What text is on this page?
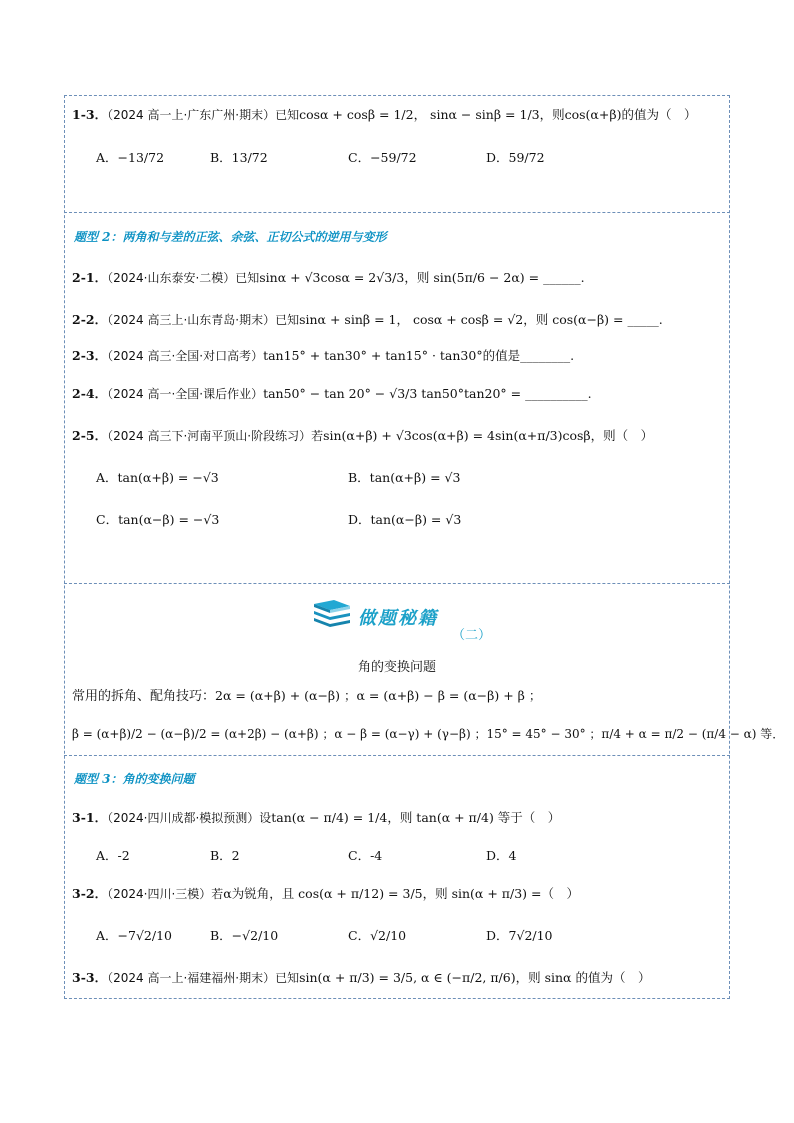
1-3．（2024 高一上·广东广州·期末）已知cosα + cosβ = 1/2， sinα − sinβ = 1/3，则cos(α+β)的值为（　）
A．−13/72	B．13/72	C．−59/72	D．59/72
题型 2：两角和与差的正弦、余弦、正切公式的逆用与变形
2-1．（2024·山东泰安·二模）已知sinα + √3cosα = 2√3/3，则 sin(5π/6 − 2α) = ______.
2-2．（2024 高三上·山东青岛·期末）已知sinα + sinβ = 1， cosα + cosβ = √2，则 cos(α−β) = _____.
2-3．（2024 高三·全国·对口高考）tan15° + tan30° + tan15° · tan30°的值是________.
2-4．（2024 高一·全国·课后作业）tan50° − tan 20° − √3/3 tan50°tan20° = __________.
2-5．（2024 高三下·河南平顶山·阶段练习）若sin(α+β) + √3cos(α+β) = 4sin(α+π/3)cosβ，则（　）
A．tan(α+β) = −√3	B．tan(α+β) = √3
C．tan(α−β) = −√3	D．tan(α−β) = √3
做题秘籍
（二）
角的变换问题
常用的拆角、配角技巧：2α = (α+β) + (α−β) ；α = (α+β) − β = (α−β) + β ；
β = (α+β)/2 − (α−β)/2 = (α+2β) − (α+β) ；α − β = (α−γ) + (γ−β) ；15° = 45° − 30° ；π/4 + α = π/2 − (π/4 − α) 等．
题型 3：角的变换问题
3-1．（2024·四川成都·模拟预测）设tan(α − π/4) = 1/4，则 tan(α + π/4) 等于（　）
A．-2	B．2	C．-4	D．4
3-2．（2024·四川·三模）若α为锐角，且 cos(α + π/12) = 3/5，则 sin(α + π/3) =（　）
A．−7√2/10	B．−√2/10	C．√2/10	D．7√2/10
3-3．（2024 高一上·福建福州·期末）已知sin(α + π/3) = 3/5, α ∈ (−π/2, π/6)，则 sinα 的值为（　）
